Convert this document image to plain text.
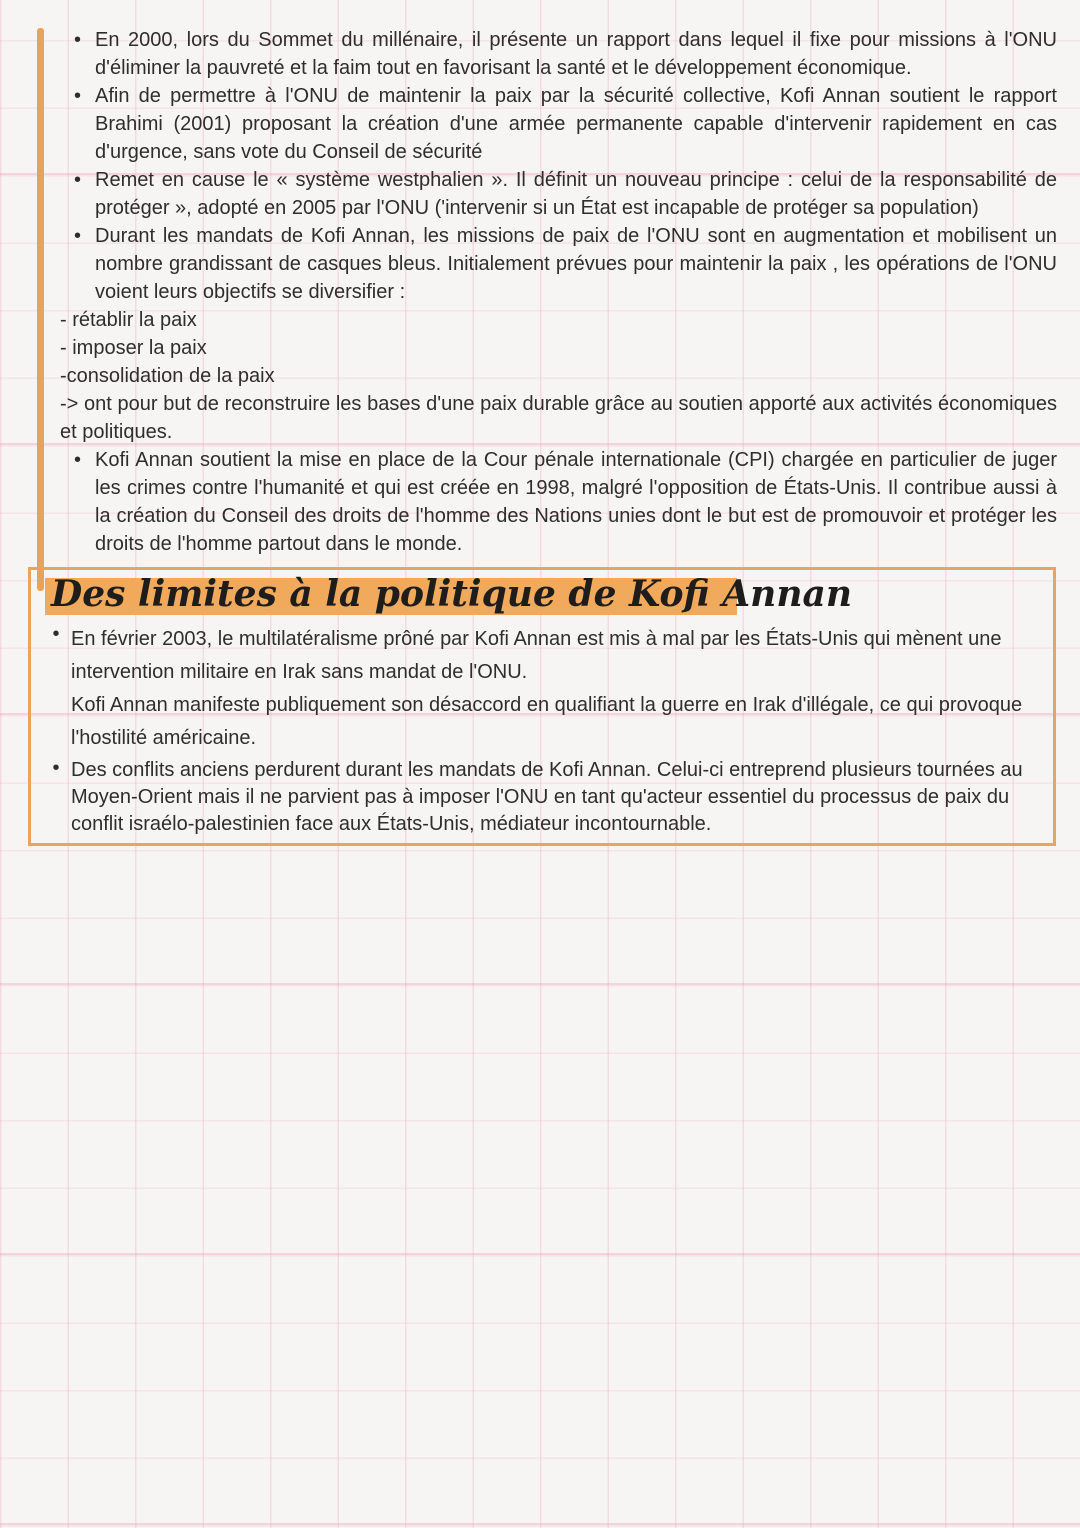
• En 2000, lors du Sommet du millénaire, il présente un rapport dans lequel il fixe pour missions à l'ONU d'éliminer la pauvreté et la faim tout en favorisant la santé et le développement économique.
• Afin de permettre à l'ONU de maintenir la paix par la sécurité collective, Kofi Annan soutient le rapport Brahimi (2001) proposant la création d'une armée permanente capable d'intervenir rapidement en cas d'urgence, sans vote du Conseil de sécurité
• Remet en cause le « système westphalien ». Il définit un nouveau principe : celui de la responsabilité de protéger », adopté en 2005 par l'ONU ('intervenir si un État est incapable de protéger sa population)
• Durant les mandats de Kofi Annan, les missions de paix de l'ONU sont en augmentation et mobilisent un nombre grandissant de casques bleus. Initialement prévues pour maintenir la paix , les opérations de l'ONU voient leurs objectifs se diversifier :
- rétablir la paix
- imposer la paix
-consolidation de la paix

-> ont pour but de reconstruire les bases d'une paix durable grâce au soutien apporté aux activités économiques et politiques.

• Kofi Annan soutient la mise en place de la Cour pénale internationale (CPI) chargée en particulier de juger les crimes contre l'humanité et qui est créée en 1998, malgré l'opposition de États-Unis. Il contribue aussi à la création du Conseil des droits de l'homme des Nations unies dont le but est de promouvoir et protéger les droits de l'homme partout dans le monde.
Des limites à la politique de Kofi Annan
• En février 2003, le multilatéralisme prôné par Kofi Annan est mis à mal par les États-Unis qui mènent une intervention militaire en Irak sans mandat de l'ONU.

Kofi Annan manifeste publiquement son désaccord en qualifiant la guerre en Irak d'illégale, ce qui provoque l'hostilité américaine.

• Des conflits anciens perdurent durant les mandats de Kofi Annan. Celui-ci entreprend plusieurs tournées au Moyen-Orient mais il ne parvient pas à imposer l'ONU en tant qu'acteur essentiel du processus de paix du conflit israélo-palestinien face aux États-Unis, médiateur incontournable.
